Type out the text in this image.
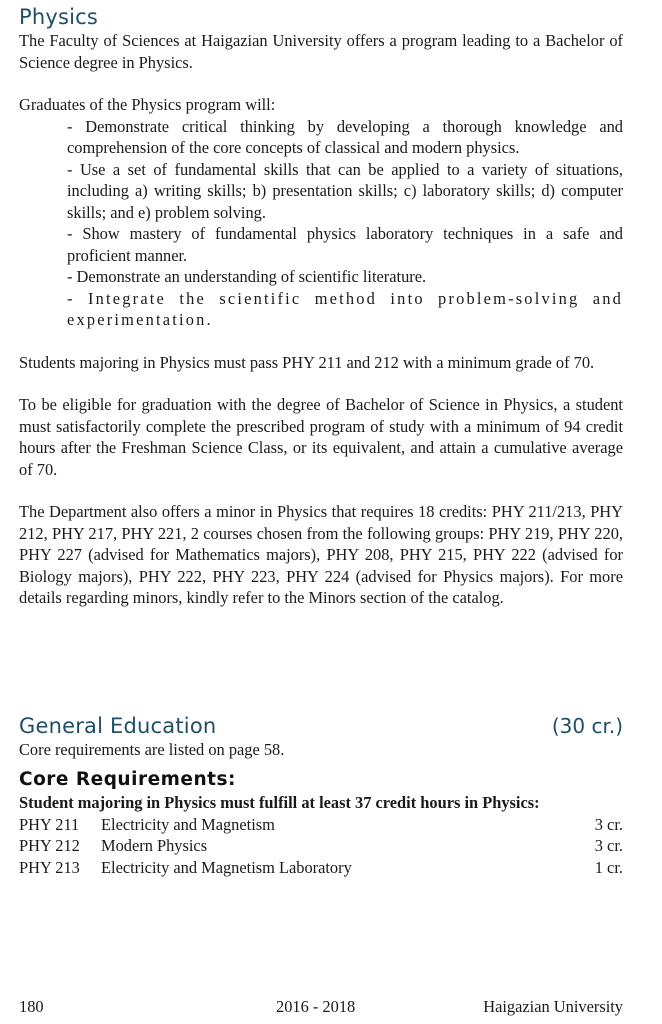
Physics

The Faculty of Sciences at Haigazian University offers a program leading to a Bachelor of Science degree in Physics.

Graduates of the Physics program will:

- Demonstrate critical thinking by developing a thorough knowledge and comprehension of the core concepts of classical and modern physics.

- Use a set of fundamental skills that can be applied to a variety of situations, including a) writing skills; b) presentation skills; c) laboratory skills; d) computer skills; and e) problem solving.

- Show mastery of fundamental physics laboratory techniques in a safe and proficient manner.

- Demonstrate an understanding of scientific literature.

- Integrate the scientific method into problem-solving and experimentation.

Students majoring in Physics must pass PHY 211 and 212 with a minimum grade of 70.

To be eligible for graduation with the degree of Bachelor of Science in Physics, a student must satisfactorily complete the prescribed program of study with a minimum of 94 credit hours after the Freshman Science Class, or its equivalent, and attain a cumulative average of 70.

The Department also offers a minor in Physics that requires 18 credits: PHY 211/213, PHY 212, PHY 217, PHY 221, 2 courses chosen from the following groups: PHY 219, PHY 220, PHY 227 (advised for Mathematics majors), PHY 208, PHY 215, PHY 222 (advised for Biology majors), PHY 222, PHY 223, PHY 224 (advised for Physics majors). For more details regarding minors, kindly refer to the Minors section of the catalog.

General Education	(30 cr.)

Core requirements are listed on page 58.

Core Requirements:

Student majoring in Physics must fulfill at least 37 credit hours in Physics:

PHY 211	Electricity and Magnetism	3 cr.
PHY 212	Modern Physics	3 cr.
PHY 213	Electricity and Magnetism Laboratory	1 cr.
180	2016 - 2018	Haigazian University
